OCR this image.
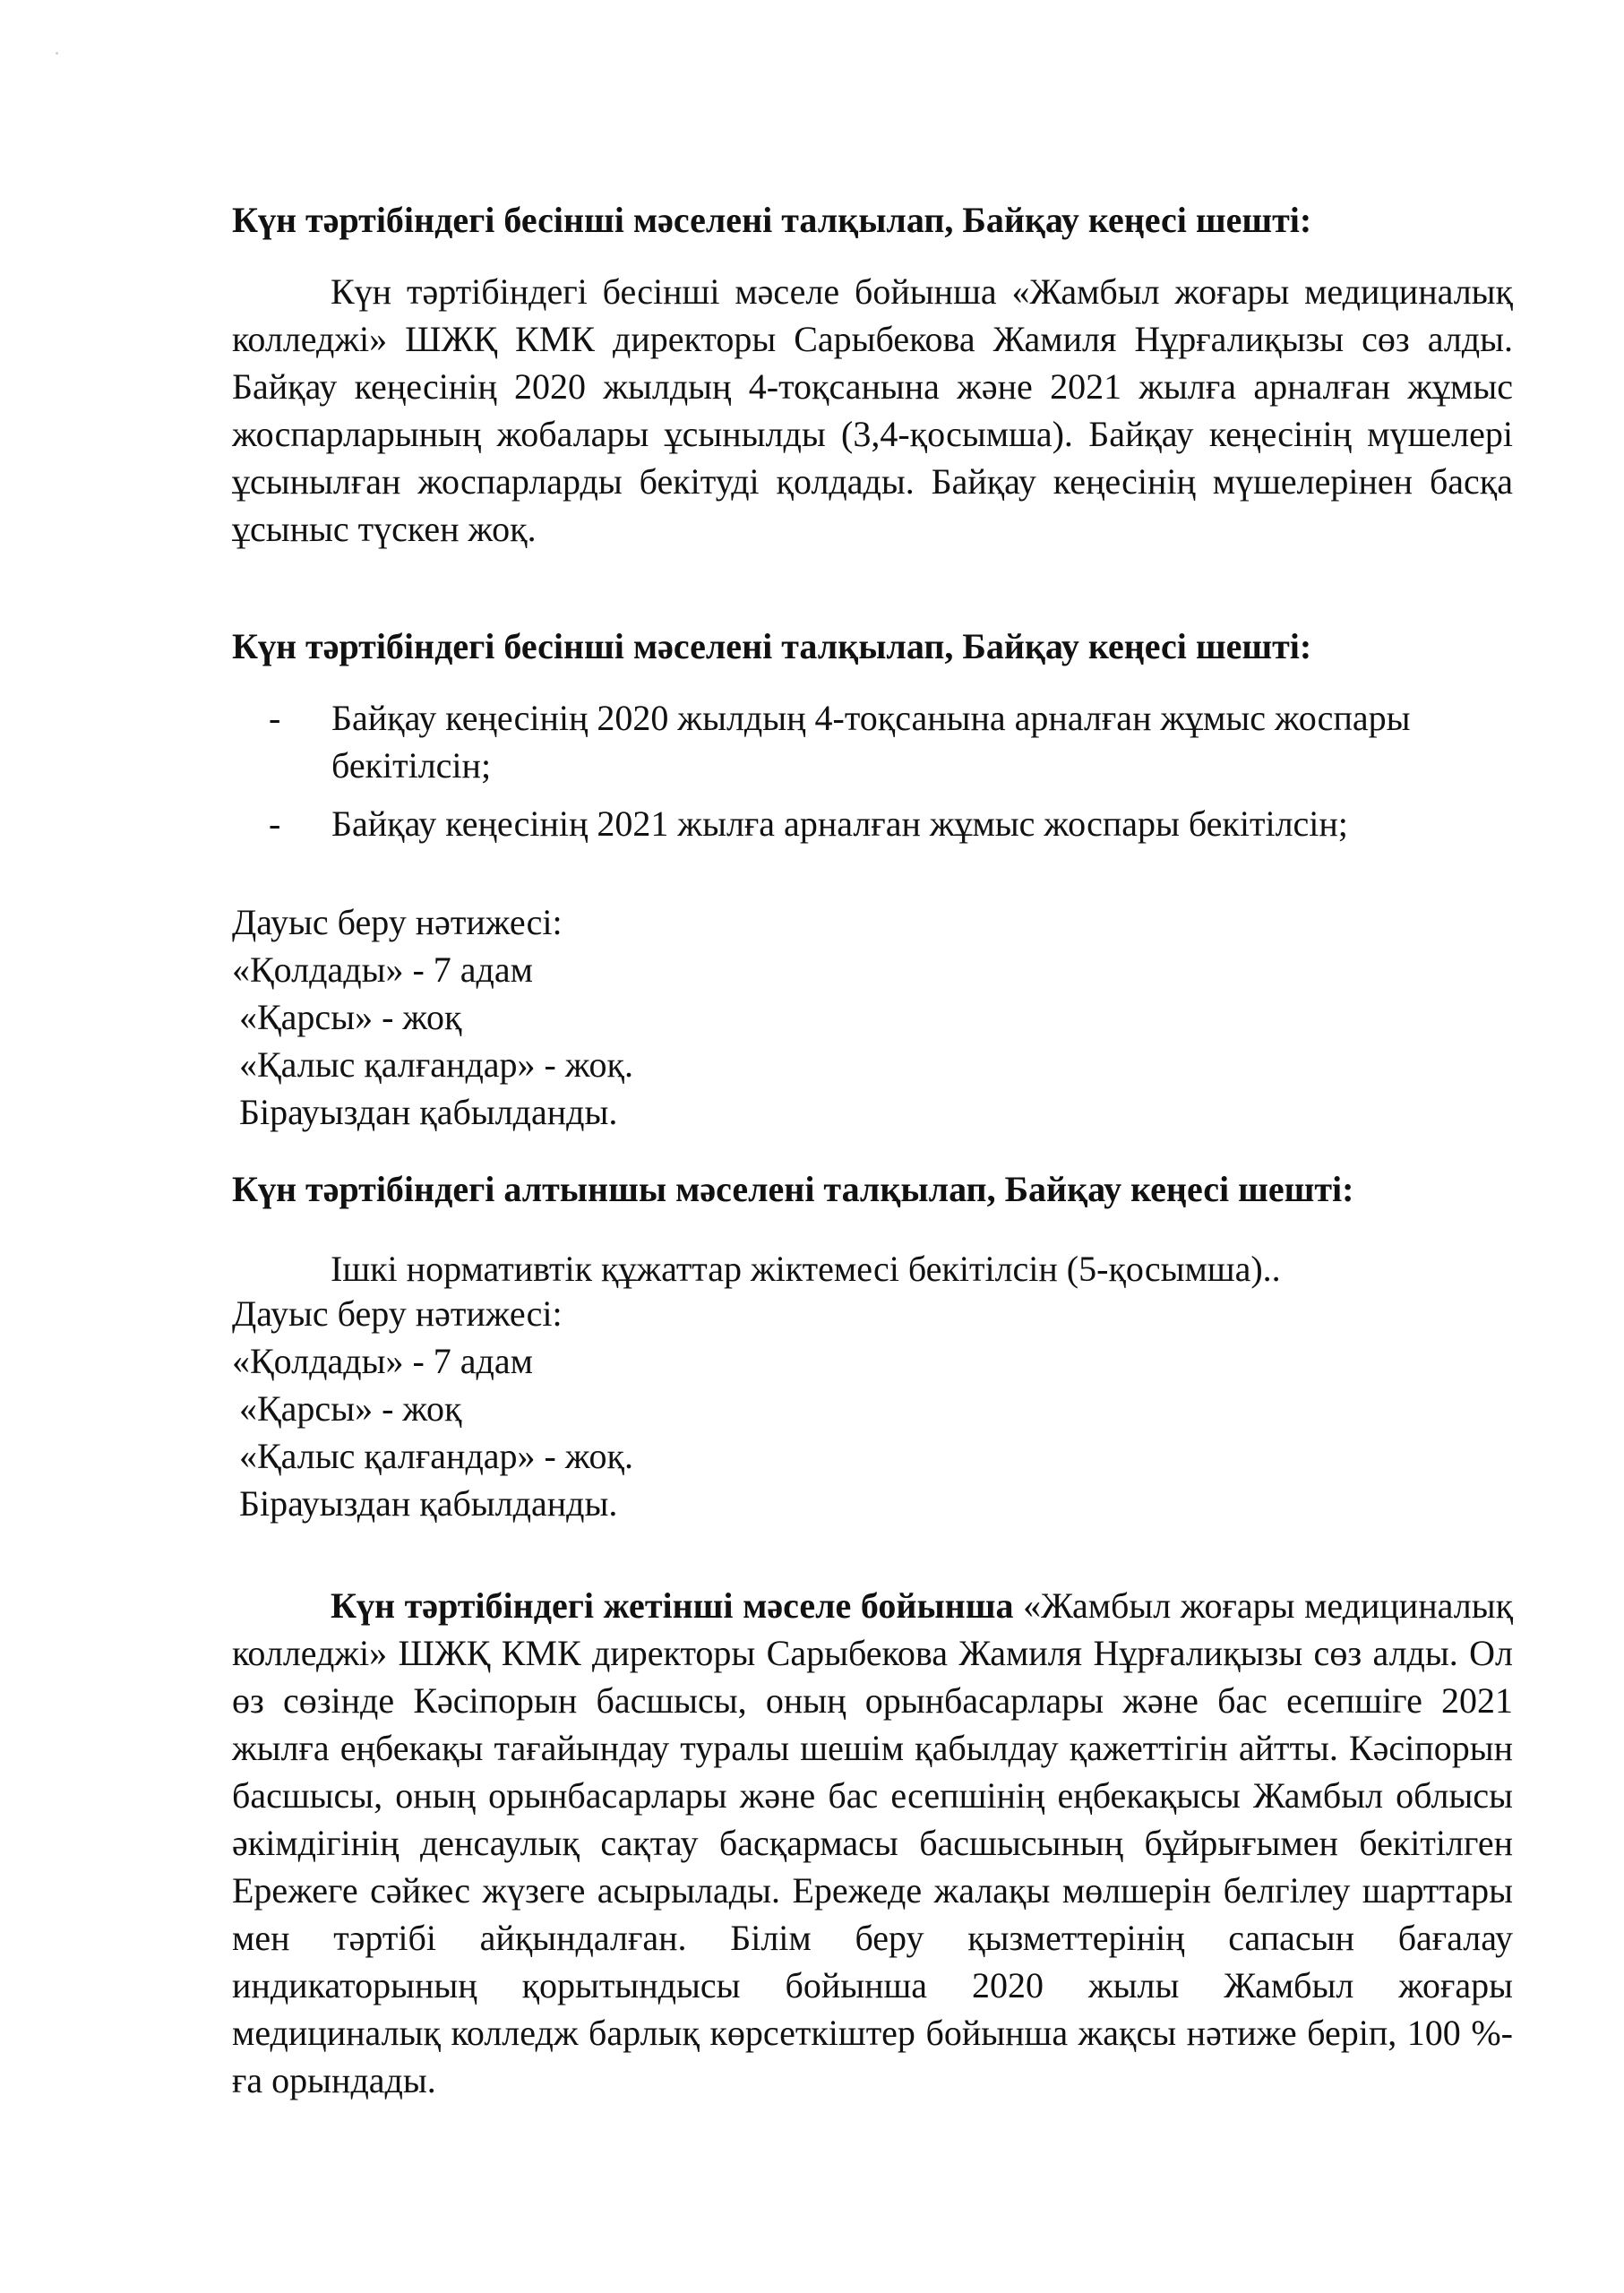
Күн тәртібіндегі бесінші мәселені талқылап, Байқау кеңесі шешті:

Күн тәртібіндегі бесінші мәселе бойынша «Жамбыл жоғары медициналық колледжі» ШЖҚ КМК директоры Сарыбекова Жамиля Нұрғалиқызы сөз алды. Байқау кеңесінің 2020 жылдың 4-тоқсанына және 2021 жылға арналған жұмыс жоспарларының жобалары ұсынылды (3,4-қосымша). Байқау кеңесінің мүшелері ұсынылған жоспарларды бекітуді қолдады. Байқау кеңесінің мүшелерінен басқа ұсыныс түскен жоқ.

Күн тәртібіндегі бесінші мәселені талқылап, Байқау кеңесі шешті:
-	Байқау кеңесінің 2020 жылдың 4-тоқсанына арналған жұмыс жоспары бекітілсін;
-	Байқау кеңесінің 2021 жылға арналған жұмыс жоспары бекітілсін;
Дауыс беру нәтижесі:
«Қолдады» - 7 адам
«Қарсы» - жоқ
«Қалыс қалғандар» - жоқ.
Бірауыздан қабылданды.
Күн тәртібіндегі алтыншы мәселені талқылап, Байқау кеңесі шешті:
Ішкі нормативтік құжаттар жіктемесі бекітілсін (5-қосымша)..
Дауыс беру нәтижесі:
«Қолдады» - 7 адам
«Қарсы» - жоқ
«Қалыс қалғандар» - жоқ.
Бірауыздан қабылданды.

Күн тәртібіндегі жетінші мәселе бойынша «Жамбыл жоғары медициналық колледжі» ШЖҚ КМК директоры Сарыбекова Жамиля Нұрғалиқызы сөз алды. Ол өз сөзінде Кәсіпорын басшысы, оның орынбасарлары және бас есепшіге 2021 жылға еңбекақы тағайындау туралы шешім қабылдау қажеттігін айтты. Кәсіпорын басшысы, оның орынбасарлары және бас есепшінің еңбекақысы Жамбыл облысы әкімдігінің денсаулық сақтау басқармасы басшысының бұйрығымен бекітілген Ережеге сәйкес жүзеге асырылады. Ережеде жалақы мөлшерін белгілеу шарттары мен тәртібі айқындалған. Білім беру қызметтерінің сапасын бағалау индикаторының қорытындысы бойынша 2020 жылы Жамбыл жоғары медициналық колледж барлық көрсеткіштер бойынша жақсы нәтиже беріп, 100 %-ға орындады.
